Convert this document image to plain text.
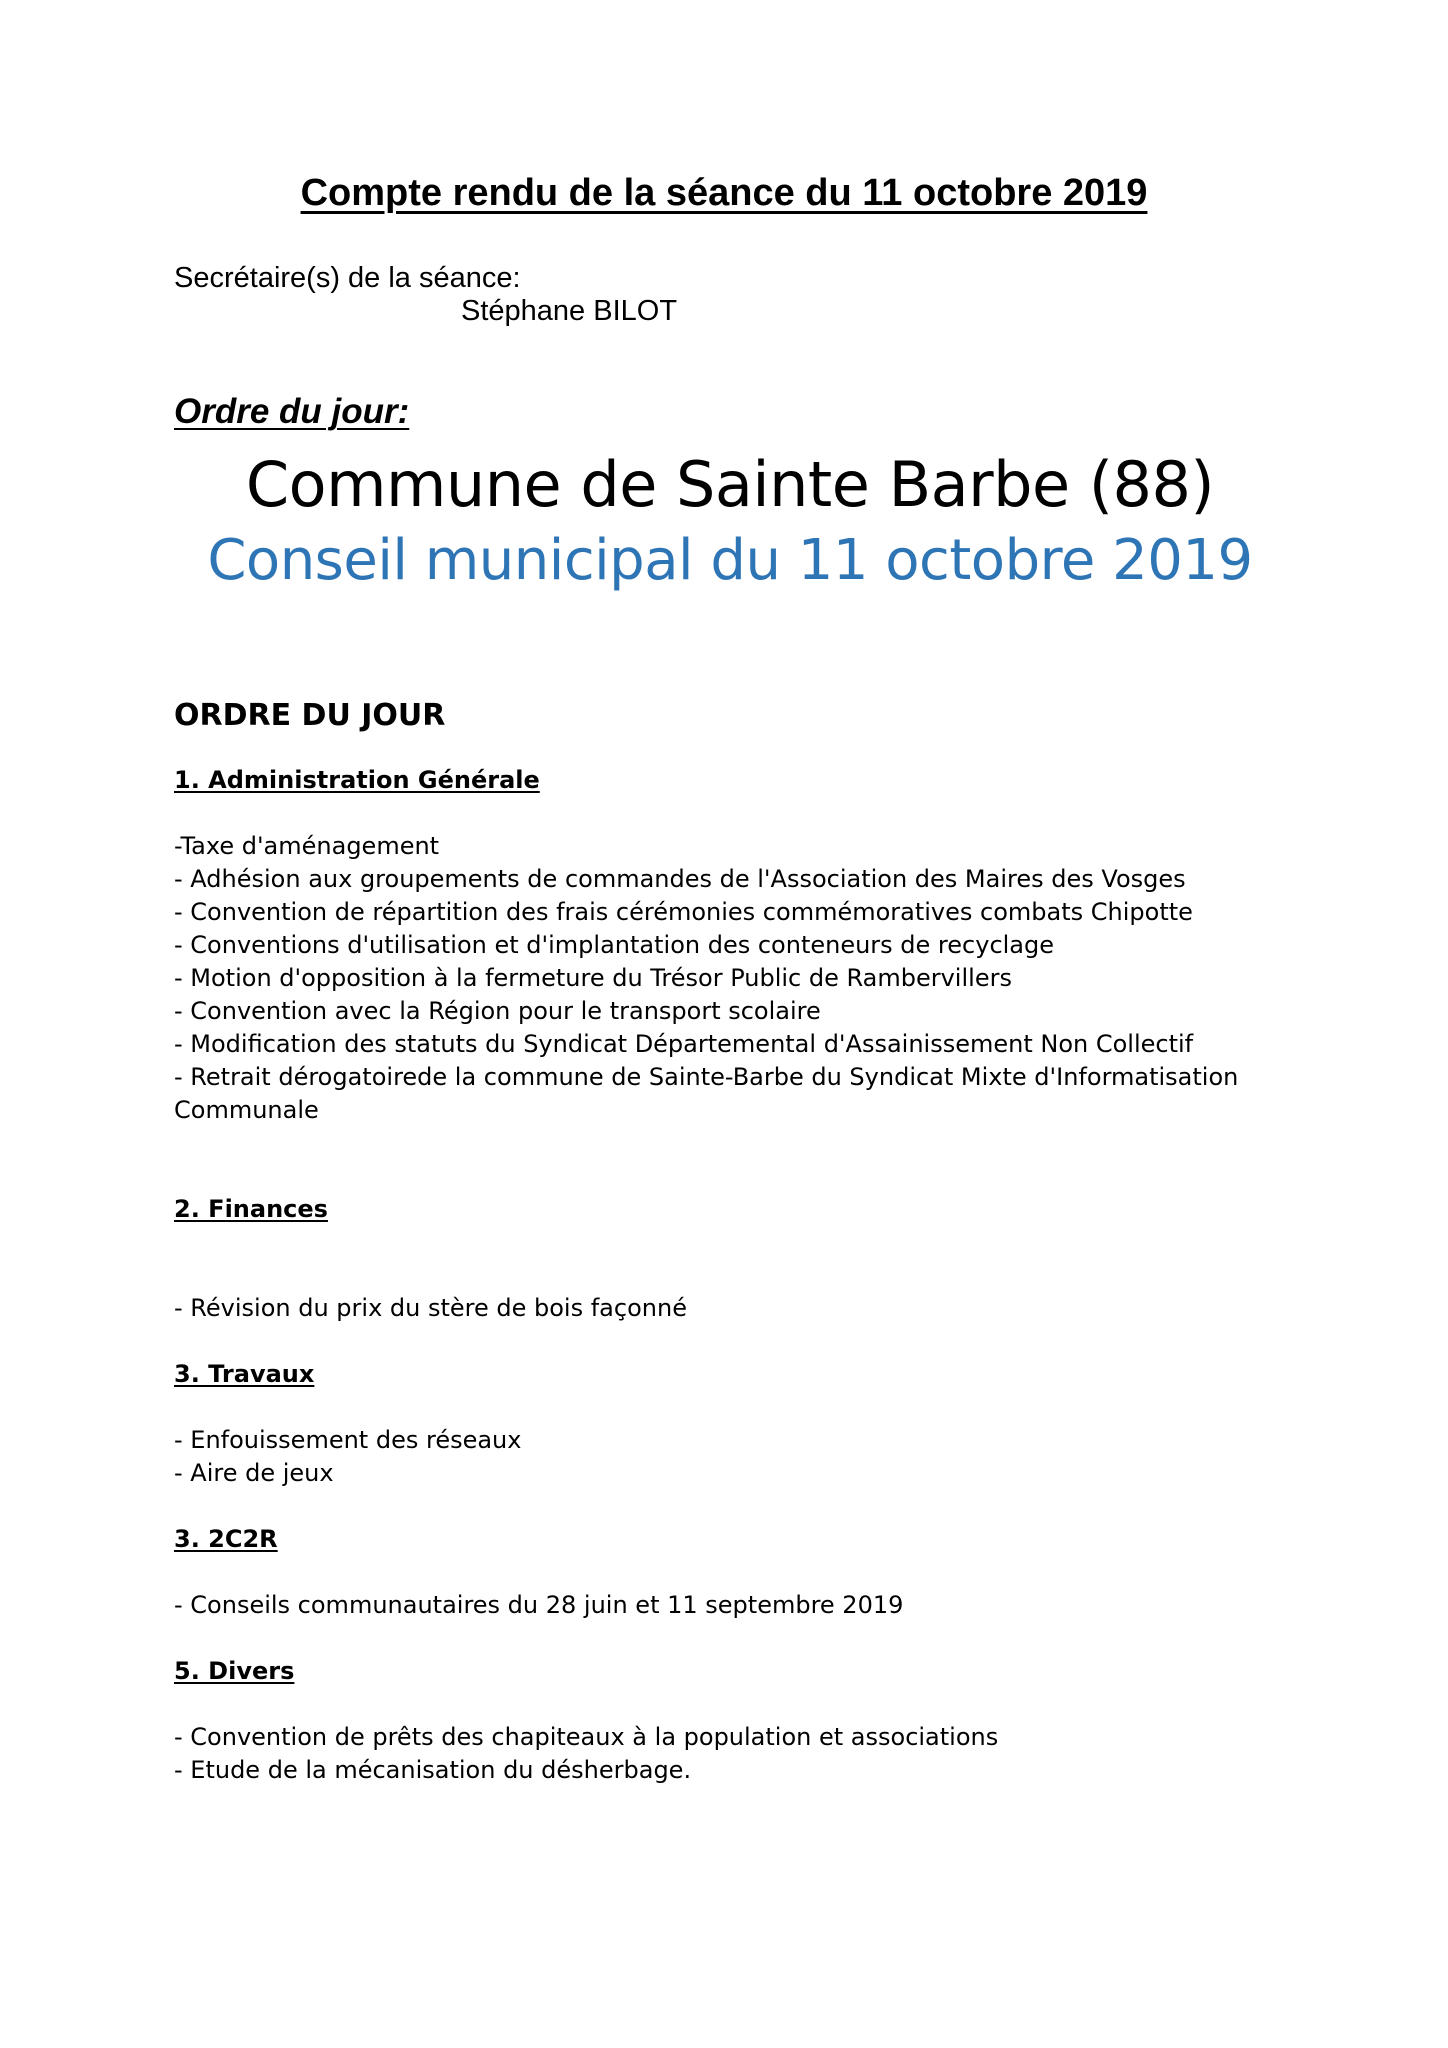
Compte rendu de la séance du 11 octobre 2019
Secrétaire(s) de la séance:
Stéphane BILOT
Ordre du jour:
Commune de Sainte Barbe (88)
Conseil municipal du 11 octobre 2019
ORDRE DU JOUR

1. Administration Générale

-Taxe d'aménagement

- Adhésion aux groupements de commandes de l'Association des Maires des Vosges

- Convention de répartition des frais cérémonies commémoratives combats Chipotte

- Conventions d'utilisation et d'implantation des conteneurs de recyclage

- Motion d'opposition à la fermeture du Trésor Public de Rambervillers

- Convention avec la Région pour le transport scolaire

- Modification des statuts du Syndicat Départemental d'Assainissement Non Collectif

- Retrait dérogatoirede la commune de Sainte-Barbe du Syndicat Mixte d'Informatisation

Communale

2. Finances

- Révision du prix du stère de bois façonné

3. Travaux

- Enfouissement des réseaux

- Aire de jeux

3. 2C2R

- Conseils communautaires du 28 juin et 11 septembre 2019

5. Divers

- Convention de prêts des chapiteaux à la population et associations

- Etude de la mécanisation du désherbage.
